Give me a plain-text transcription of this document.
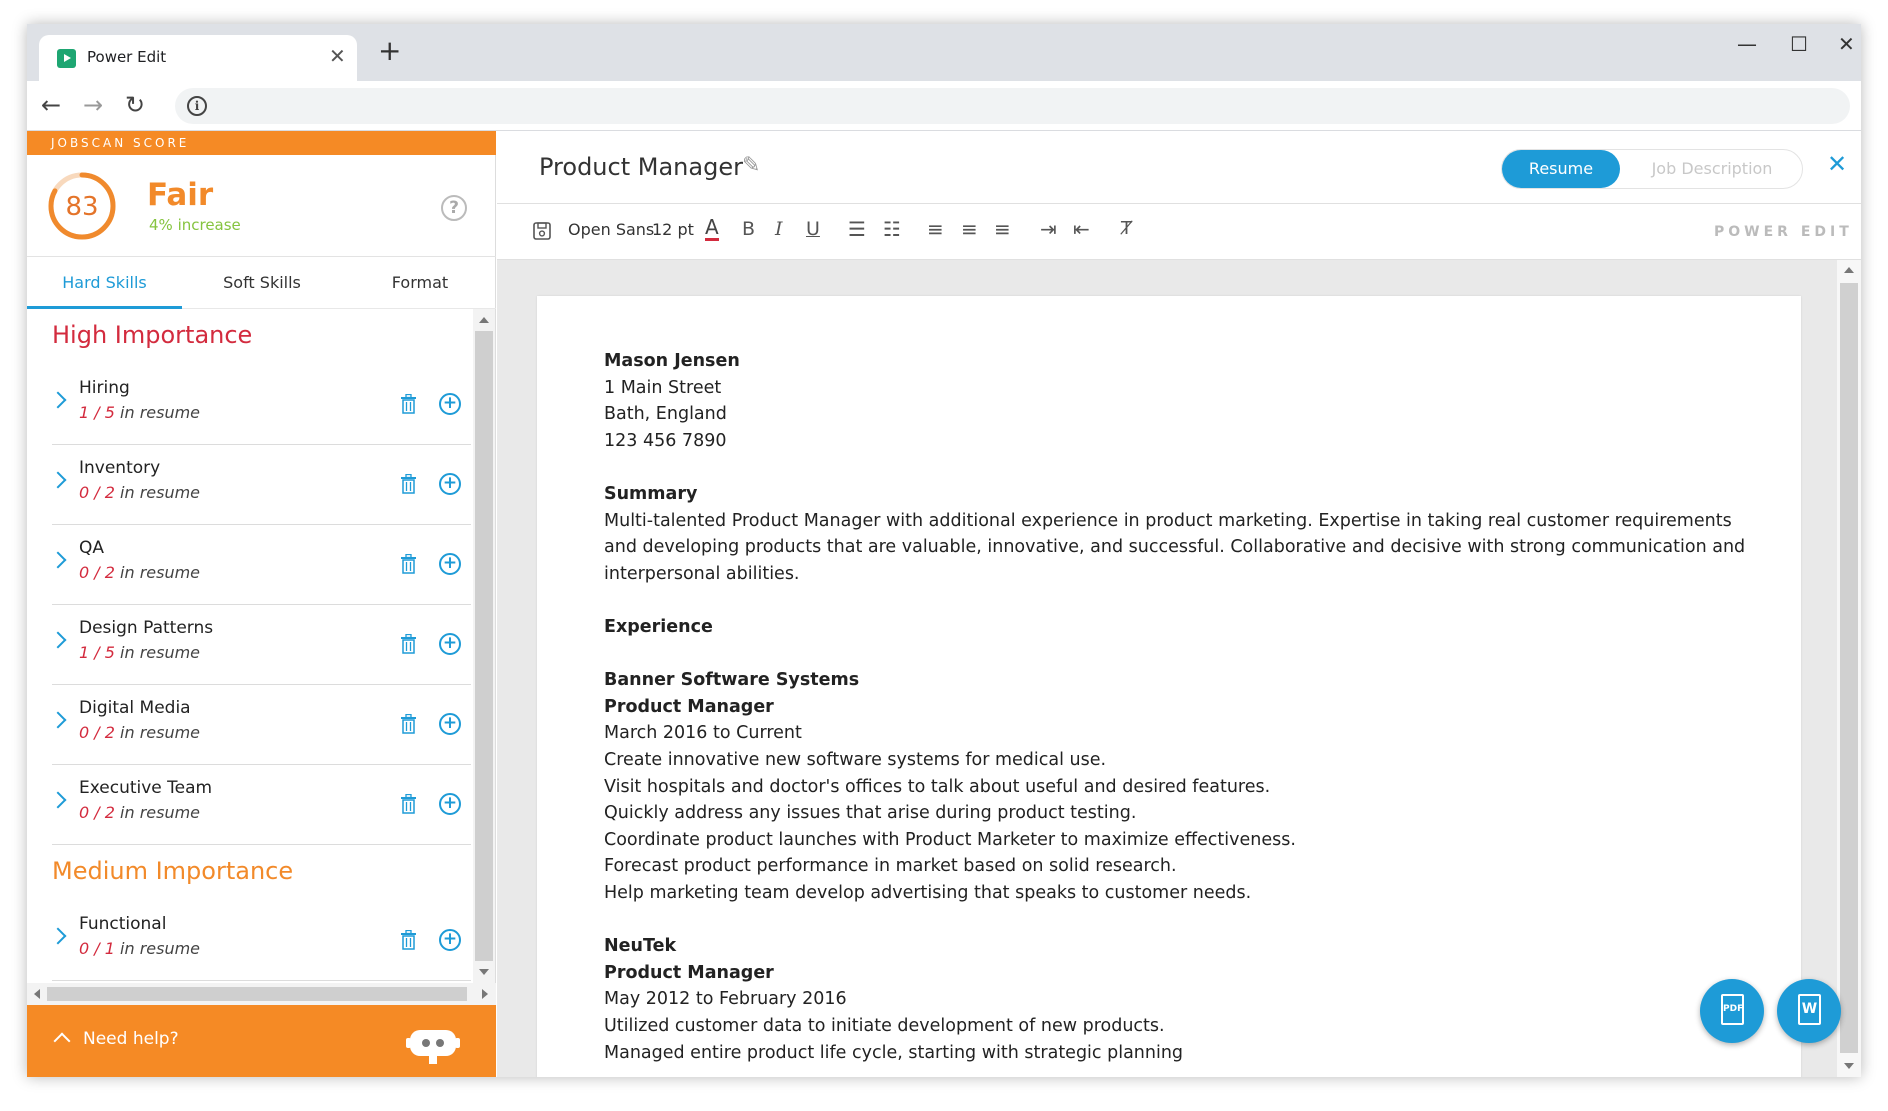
Power Edit	✕ +	— ☐ ✕
← → ↻	i
JOBSCAN SCORE
83	Fair
4% increase
?
Hard Skills	Soft Skills	Format
High Importance
Hiring
1 / 5 in resume	+
Inventory
0 / 2 in resume	+
QA
0 / 2 in resume	+
Design Patterns
1 / 5 in resume	+
Digital Media
0 / 2 in resume	+
Executive Team
0 / 2 in resume	+
Medium Importance
Functional
0 / 1 in resume	+
Need help?
Product Manager ✎	Resume	Job Description	✕
Open Sans
12 pt A B I U ☰ ☷ ≡ ≡ ≡ ⇥ ⇤ Ⱦ	POWER EDIT
Mason Jensen
1 Main Street
Bath, England
123 456 7890
Summary
Multi-talented Product Manager with additional experience in product marketing. Expertise in taking real customer requirements
and developing products that are valuable, innovative, and successful. Collaborative and decisive with strong communication and
interpersonal abilities.
Experience
Banner Software Systems
Product Manager
March 2016 to Current
Create innovative new software systems for medical use.
Visit hospitals and doctor's offices to talk about useful and desired features.
Quickly address any issues that arise during product testing.
Coordinate product launches with Product Marketer to maximize effectiveness.
Forecast product performance in market based on solid research.
Help marketing team develop advertising that speaks to customer needs.
NeuTek
Product Manager
May 2012 to February 2016
Utilized customer data to initiate development of new products.
Managed entire product life cycle, starting with strategic planning
PDF	W
